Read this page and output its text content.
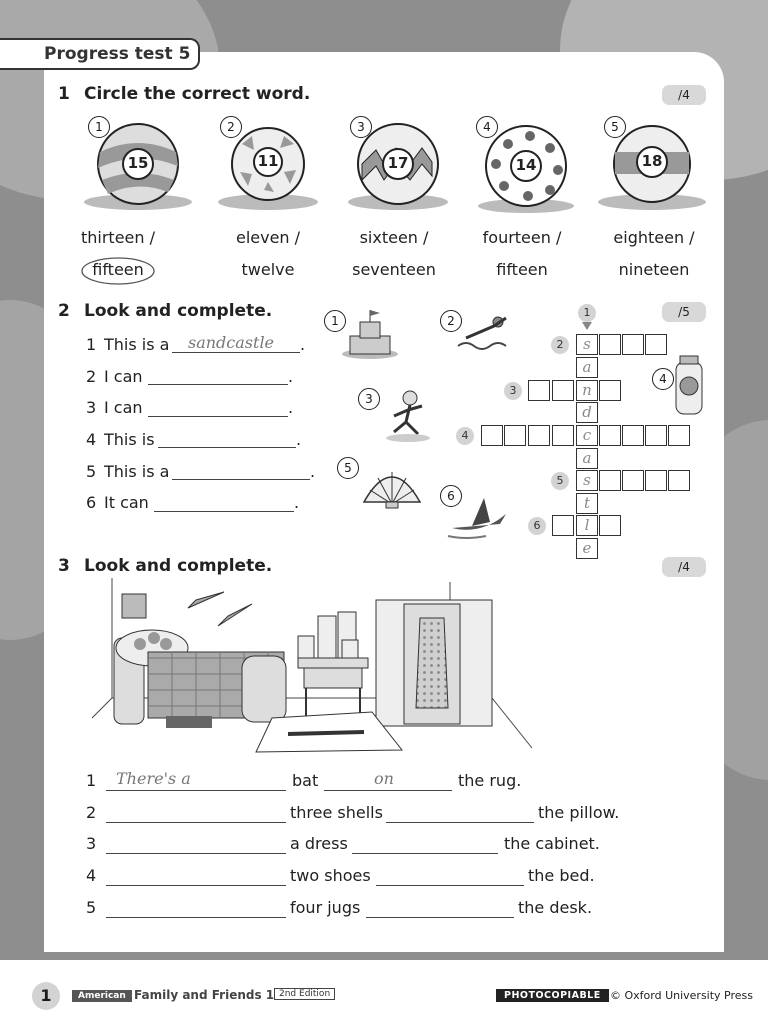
Progress test 5
1 Circle the correct word.	/4
15	11	17	14	18
1	2	3	4	5
thirteen /	eleven /	sixteen /	fourteen /	eighteen /
fifteen	twelve	seventeen	fifteen	nineteen
2 Look and complete.	/5
1 This is a sandcastle .
2 I can	.
3 I can	.
4 This is	.
5 This is a	.
6 It can	.
1	2
3
4
5
6
1
s
a
n
d
c
a
s
t
l
e
2
3
4
5
6
3 Look and complete.	/4
1 There's a	bat	on	the rug.
2	three shells	the pillow.
3	a dress	the cabinet.
4	two shoes	the bed.
5	four jugs	the desk.
1	American Family and Friends 1 2nd Edition	PHOTOCOPIABLE © Oxford University Press
